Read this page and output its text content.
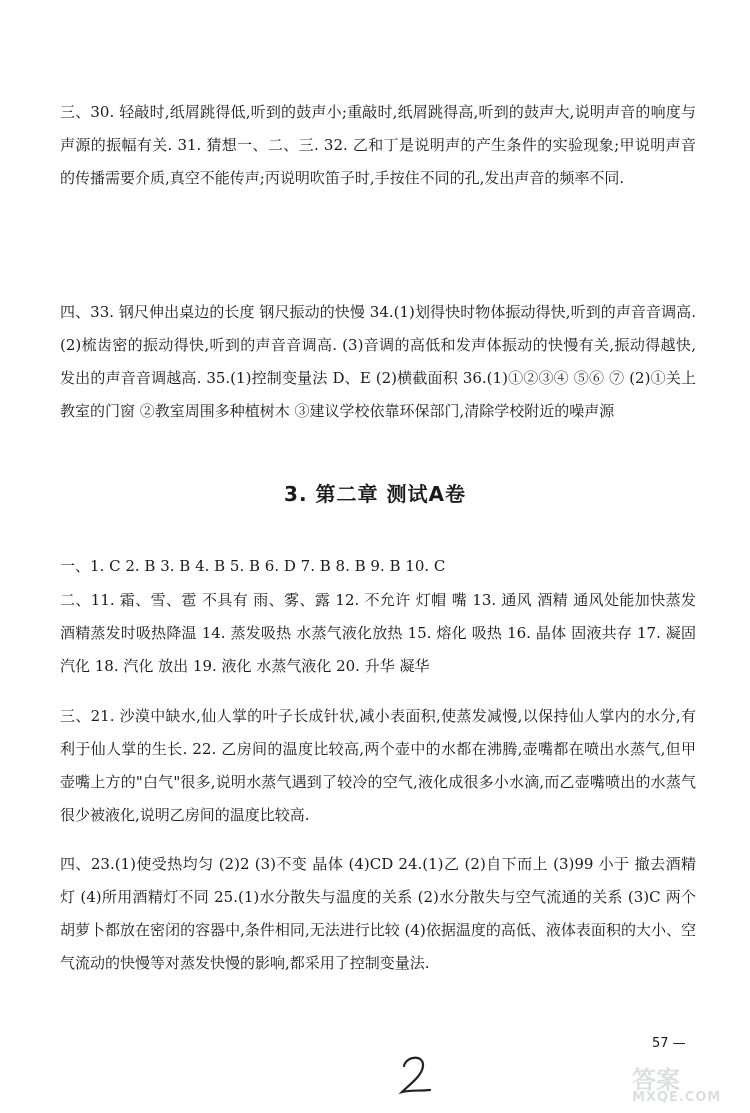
三、30. 轻敲时,纸屑跳得低,听到的鼓声小;重敲时,纸屑跳得高,听到的鼓声大,说明声音的响度与声源的振幅有关. 31. 猜想一、二、三. 32. 乙和丁是说明声的产生条件的实验现象;甲说明声音的传播需要介质,真空不能传声;丙说明吹笛子时,手按住不同的孔,发出声音的频率不同.

四、33. 钢尺伸出桌边的长度 钢尺振动的快慢 34.(1)划得快时物体振动得快,听到的声音音调高. (2)梳齿密的振动得快,听到的声音音调高. (3)音调的高低和发声体振动的快慢有关,振动得越快,发出的声音音调越高. 35.(1)控制变量法 D、E (2)横截面积 36.(1)①②③④ ⑤⑥ ⑦ (2)①关上教室的门窗 ②教室周围多种植树木 ③建议学校依靠环保部门,清除学校附近的噪声源

3. 第二章 测试A卷

一、1. C 2. B 3. B 4. B 5. B 6. D 7. B 8. B 9. B 10. C

二、11. 霜、雪、雹 不具有 雨、雾、露 12. 不允许 灯帽 嘴 13. 通风 酒精 通风处能加快蒸发 酒精蒸发时吸热降温 14. 蒸发吸热 水蒸气液化放热 15. 熔化 吸热 16. 晶体 固液共存 17. 凝固 汽化 18. 汽化 放出 19. 液化 水蒸气液化 20. 升华 凝华

三、21. 沙漠中缺水,仙人掌的叶子长成针状,减小表面积,使蒸发减慢,以保持仙人掌内的水分,有利于仙人掌的生长. 22. 乙房间的温度比较高,两个壶中的水都在沸腾,壶嘴都在喷出水蒸气,但甲壶嘴上方的"白气"很多,说明水蒸气遇到了较冷的空气,液化成很多小水滴,而乙壶嘴喷出的水蒸气很少被液化,说明乙房间的温度比较高.

四、23.(1)使受热均匀 (2)2 (3)不变 晶体 (4)CD 24.(1)乙 (2)自下而上 (3)99 小于 撤去酒精灯 (4)所用酒精灯不同 25.(1)水分散失与温度的关系 (2)水分散失与空气流通的关系 (3)C 两个胡萝卜都放在密闭的容器中,条件相同,无法进行比较 (4)依据温度的高低、液体表面积的大小、空气流动的快慢等对蒸发快慢的影响,都采用了控制变量法.

57 —
答案
MXQE.COM
